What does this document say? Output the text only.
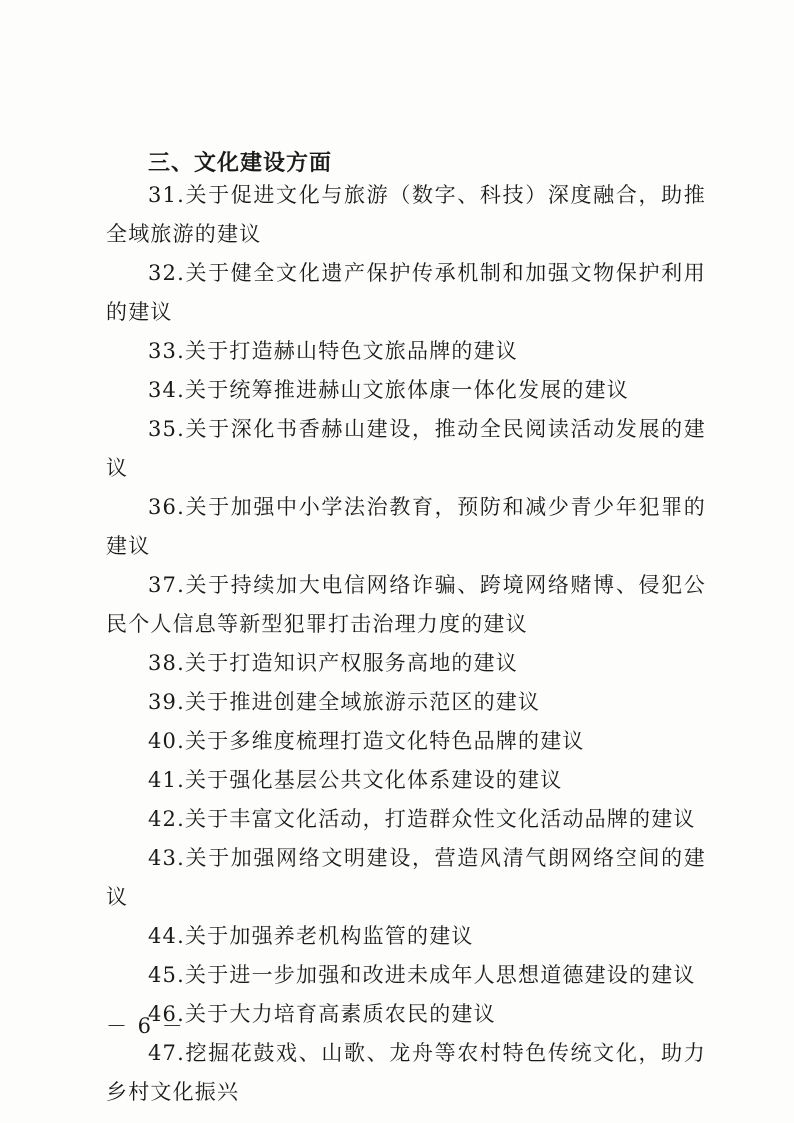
三、文化建设方面

31.关于促进文化与旅游（数字、科技）深度融合，助推全域旅游的建议

32.关于健全文化遗产保护传承机制和加强文物保护利用的建议

33.关于打造赫山特色文旅品牌的建议

34.关于统筹推进赫山文旅体康一体化发展的建议

35.关于深化书香赫山建设，推动全民阅读活动发展的建议

36.关于加强中小学法治教育，预防和减少青少年犯罪的建议

37.关于持续加大电信网络诈骗、跨境网络赌博、侵犯公民个人信息等新型犯罪打击治理力度的建议

38.关于打造知识产权服务高地的建议

39.关于推进创建全域旅游示范区的建议

40.关于多维度梳理打造文化特色品牌的建议

41.关于强化基层公共文化体系建设的建议

42.关于丰富文化活动，打造群众性文化活动品牌的建议

43.关于加强网络文明建设，营造风清气朗网络空间的建议

44.关于加强养老机构监管的建议

45.关于进一步加强和改进未成年人思想道德建设的建议

46.关于大力培育高素质农民的建议

47.挖掘花鼓戏、山歌、龙舟等农村特色传统文化，助力乡村文化振兴

－ 6 －
